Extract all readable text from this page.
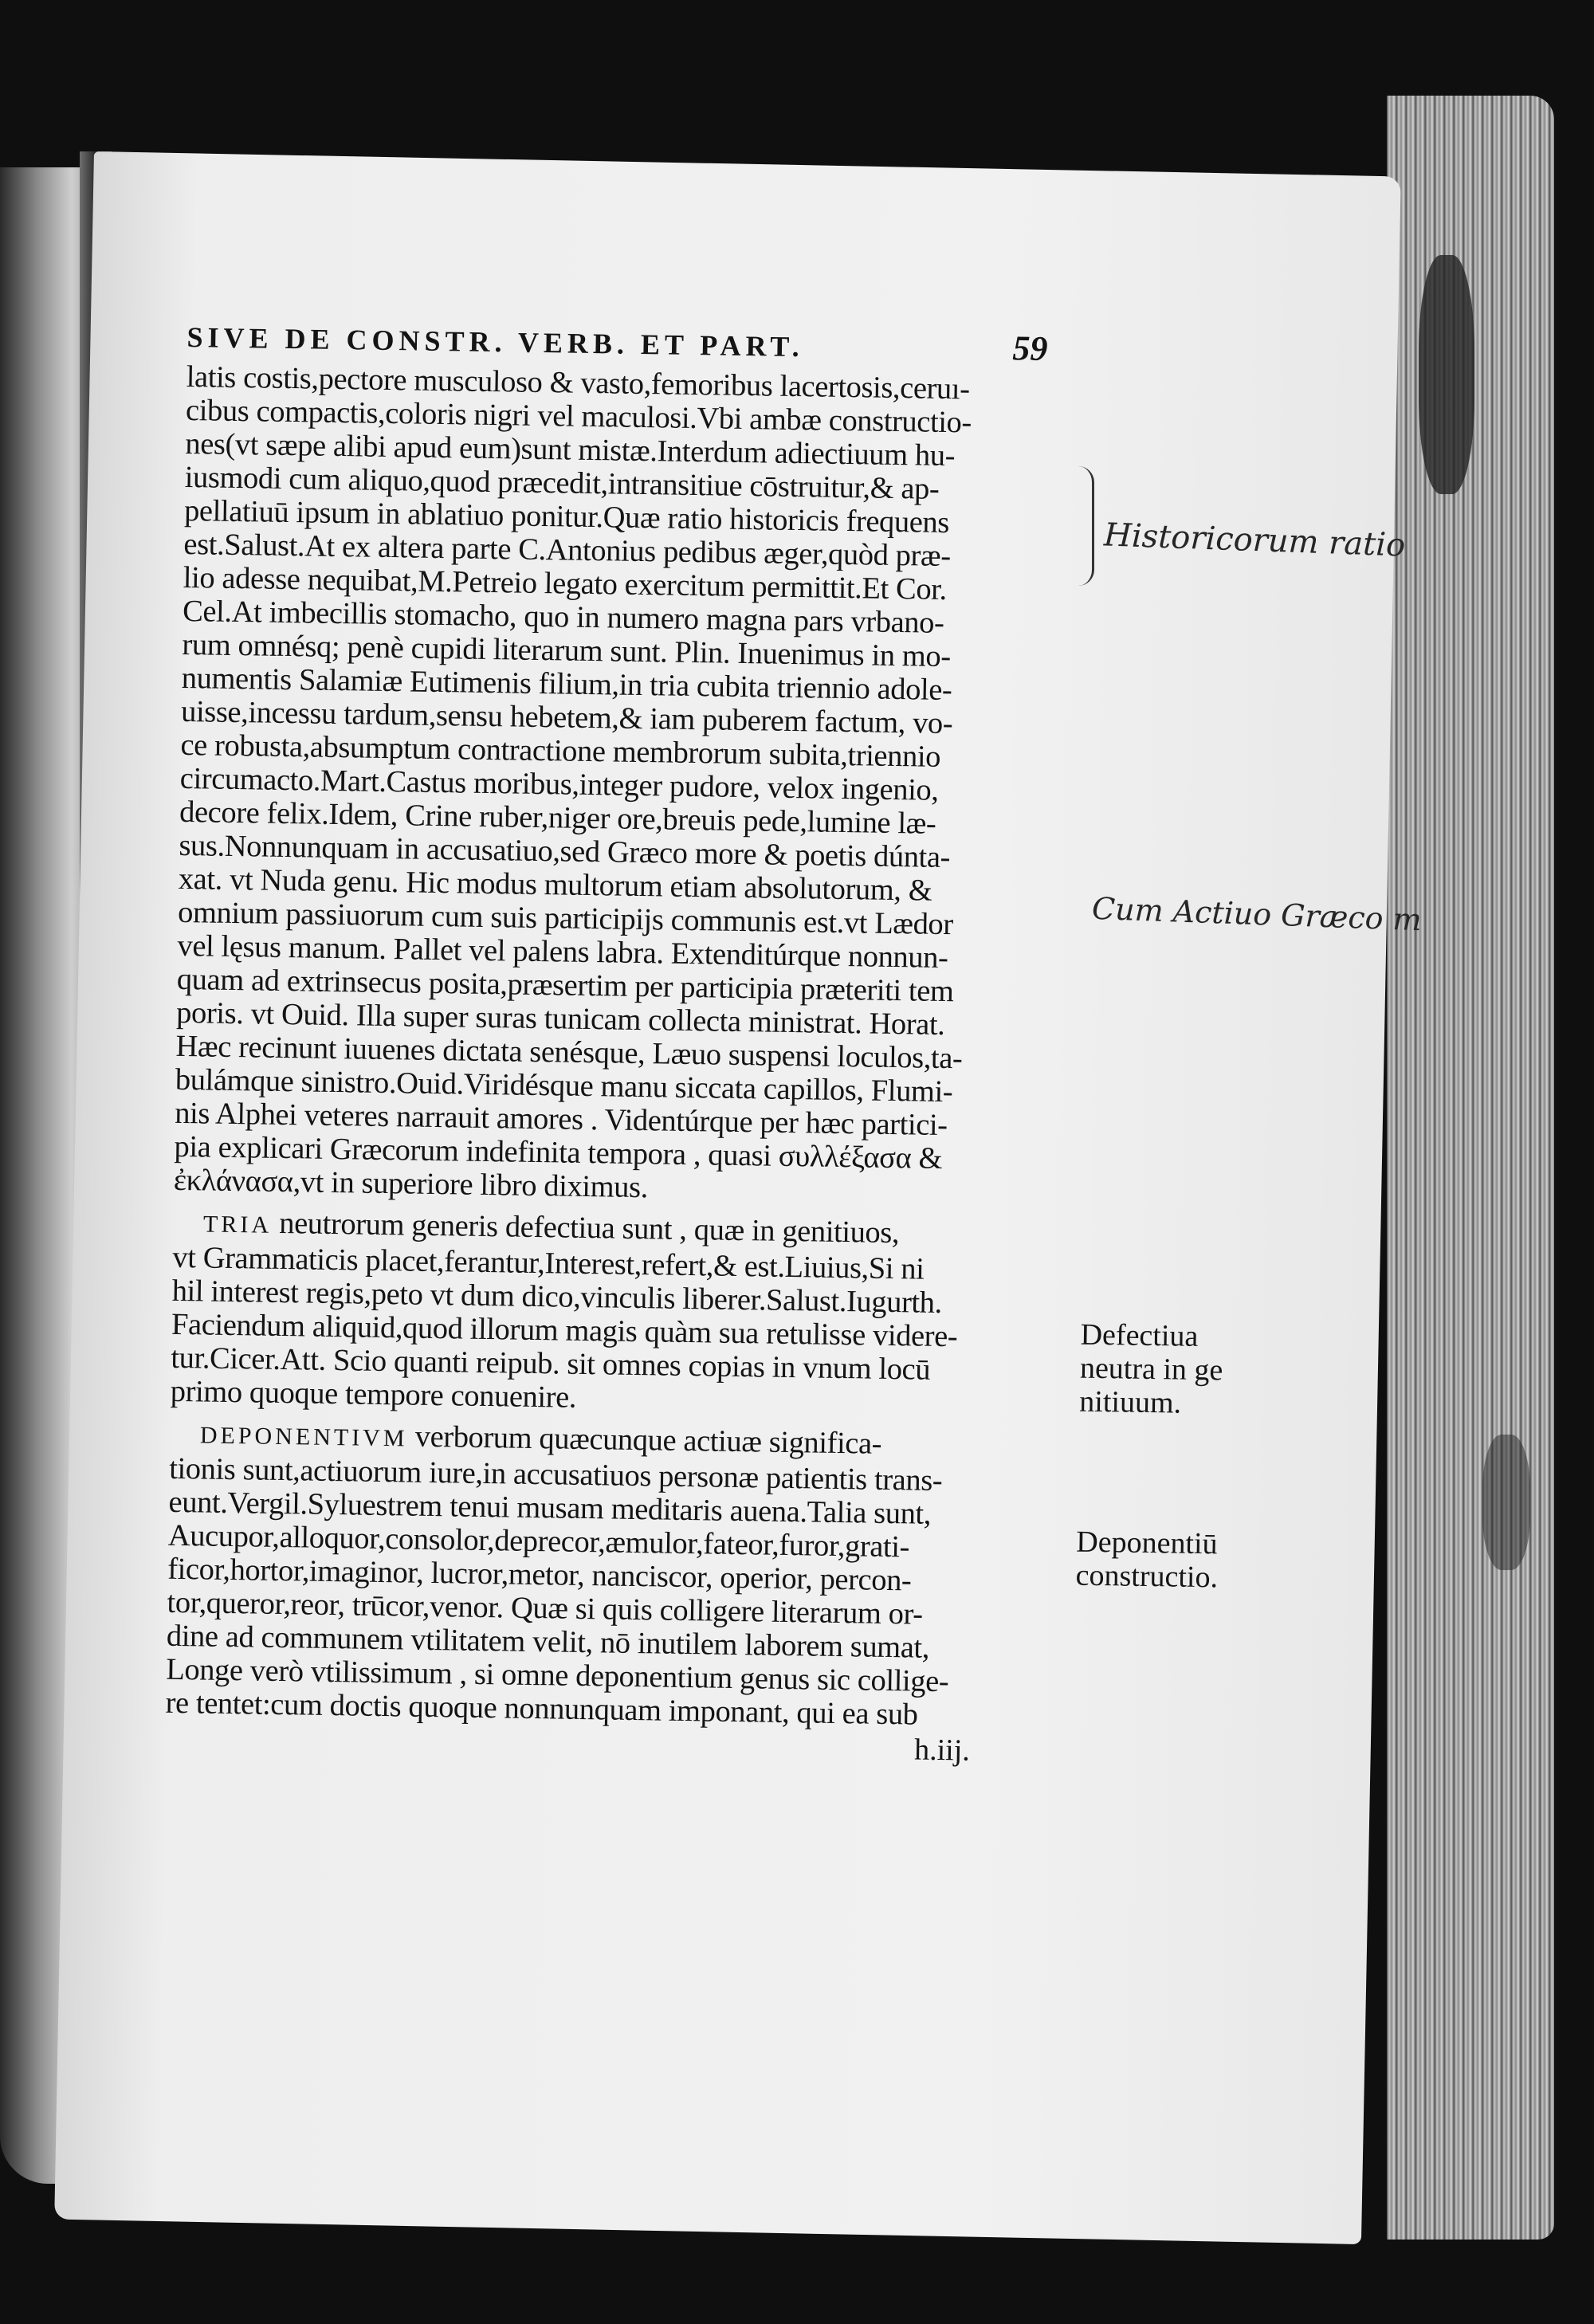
SIVE DE CONSTR. VERB. ET PART.	59
latis costis,pectore musculoso & vasto,femoribus lacertosis,ceruı-
cibus compactis,coloris nigri vel maculosi.Vbi ambæ constructio-
nes(vt sæpe alibi apud eum)sunt mistæ.Interdum adiectiuum hu-
iusmodi cum aliquo,quod præcedit,intransitiue cōstruitur,& ap-
pellatiuū ipsum in ablatiuo ponitur.Quæ ratio historicis frequens
est.Salust.At ex altera parte C.Antonius pedibus æger,quòd præ-
lio adesse nequibat,M.Petreio legato exercitum permittit.Et Cor.
Cel.At imbecillis stomacho, quo in numero magna pars vrbano-
rum omnésq; penè cupidi literarum sunt. Plin. Inuenimus in mo-
numentis Salamiæ Eutimenis filium,in tria cubita triennio adole-
uisse,incessu tardum,sensu hebetem,& iam puberem factum, vo-
ce robusta,absumptum contractione membrorum subita,triennio
circumacto.Mart.Castus moribus,integer pudore, velox ingenio,
decore felix.Idem, Crine ruber,niger ore,breuis pede,lumine læ-
sus.Nonnunquam in accusatiuo,sed Græco more & poetis dúnta-
xat. vt Nuda genu. Hic modus multorum etiam absolutorum, &
omnium passiuorum cum suis participijs communis est.vt Lædor
vel lęsus manum. Pallet vel palens labra. Extenditúrque nonnun-
quam ad extrinsecus posita,præsertim per participia præteriti tem
poris. vt Ouid. Illa super suras tunicam collecta ministrat. Horat.
Hæc recinunt iuuenes dictata senésque, Læuo suspensi loculos,ta-
bulámque sinistro.Ouid.Viridésque manu siccata capillos, Flumi-
nis Alphei veteres narrauit amores . Videntúrque per hæc partici-
pia explicari Græcorum indefinita tempora , quasi συλλέξασα &
ἐκλάνασα,vt in superiore libro diximus.
TRIA neutrorum generis defectiua sunt , quæ in genitiuos,
vt Grammaticis placet,ferantur,Interest,refert,& est.Liuius,Si ni
hil interest regis,peto vt dum dico,vinculis liberer.Salust.Iugurth.
Faciendum aliquid,quod illorum magis quàm sua retulisse videre-
tur.Cicer.Att. Scio quanti reipub. sit omnes copias in vnum locū
primo quoque tempore conuenire.
DEPONENTIVM verborum quæcunque actiuæ significa-
tionis sunt,actiuorum iure,in accusatiuos personæ patientis trans-
eunt.Vergil.Syluestrem tenui musam meditaris auena.Talia sunt,
Aucupor,alloquor,consolor,deprecor,æmulor,fateor,furor,grati-
ficor,hortor,imaginor, lucror,metor, nanciscor, operior, percon-
tor,queror,reor, trūcor,venor. Quæ si quis colligere literarum or-
dine ad communem vtilitatem velit, nō inutilem laborem sumat,
Longe verò vtilissimum , si omne deponentium genus sic collige-
re tentet:cum doctis quoque nonnunquam imponant, qui ea sub
h.iij.
Defectiua
neutra in ge
nitiuum.
Deponentiū
constructio.
Historicorum ratio
Cum Actiuo Græco m
